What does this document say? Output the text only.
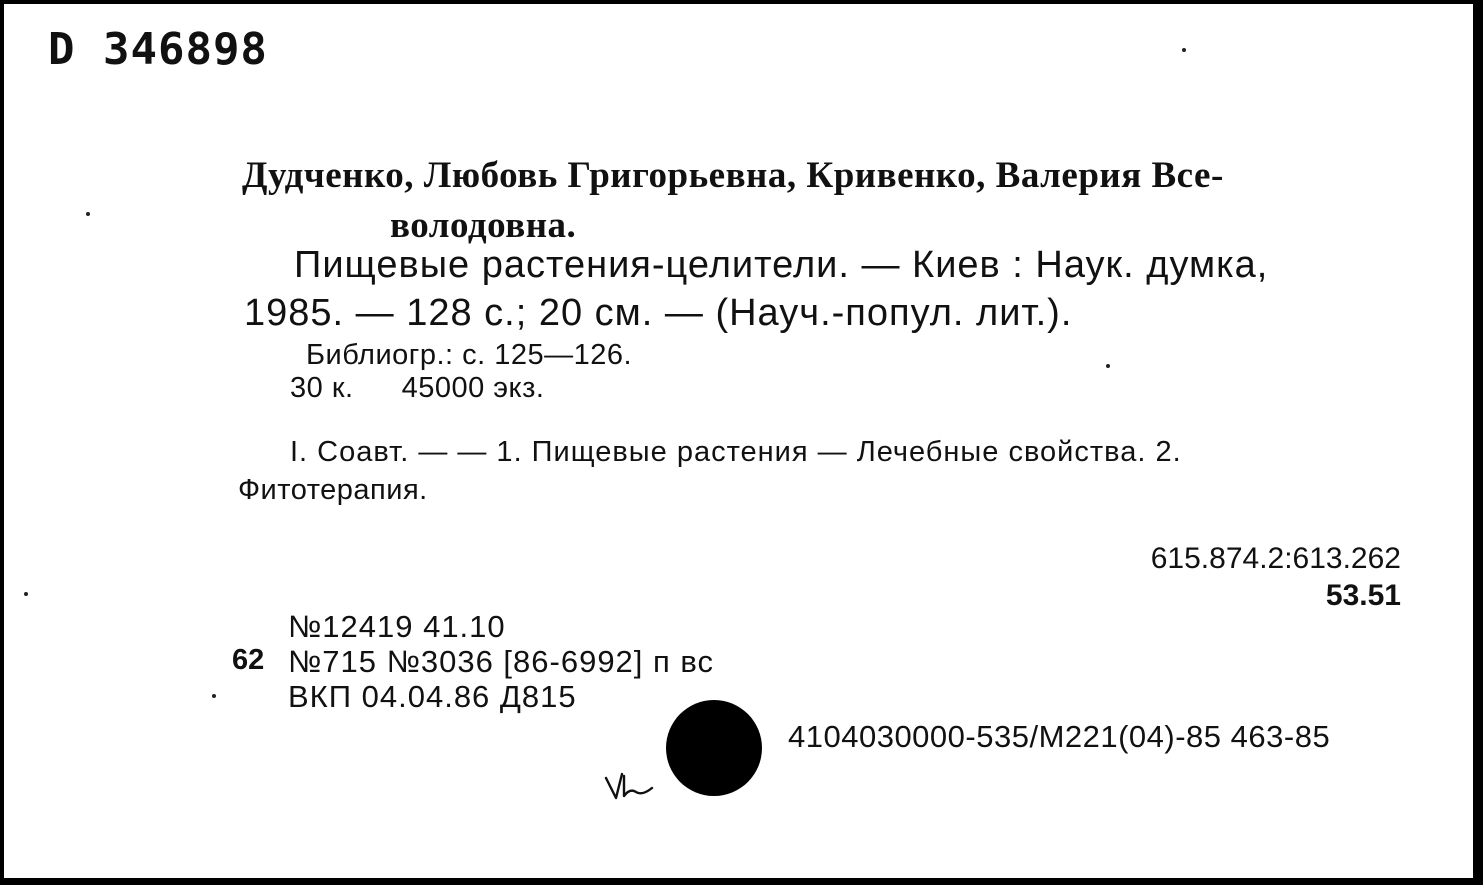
D 346898
Дудченко, Любовь Григорьевна, Кривенко, Валерия Все-
володовна.
Пищевые растения-целители. — Киев : Наук. думка,
1985. — 128 с.; 20 см. — (Науч.-попул. лит.).
Библиогр.: с. 125—126.
30 к. 45000 экз.
I. Соавт. — — 1. Пищевые растения — Лечебные свойства. 2.
Фитотерапия.
615.874.2:613.262
53.51
№12419 41.10
62 №715 №3036 [86-6992] п вс
ВКП 04.04.86 Д815
4104030000-535/М221(04)-85 463-85
